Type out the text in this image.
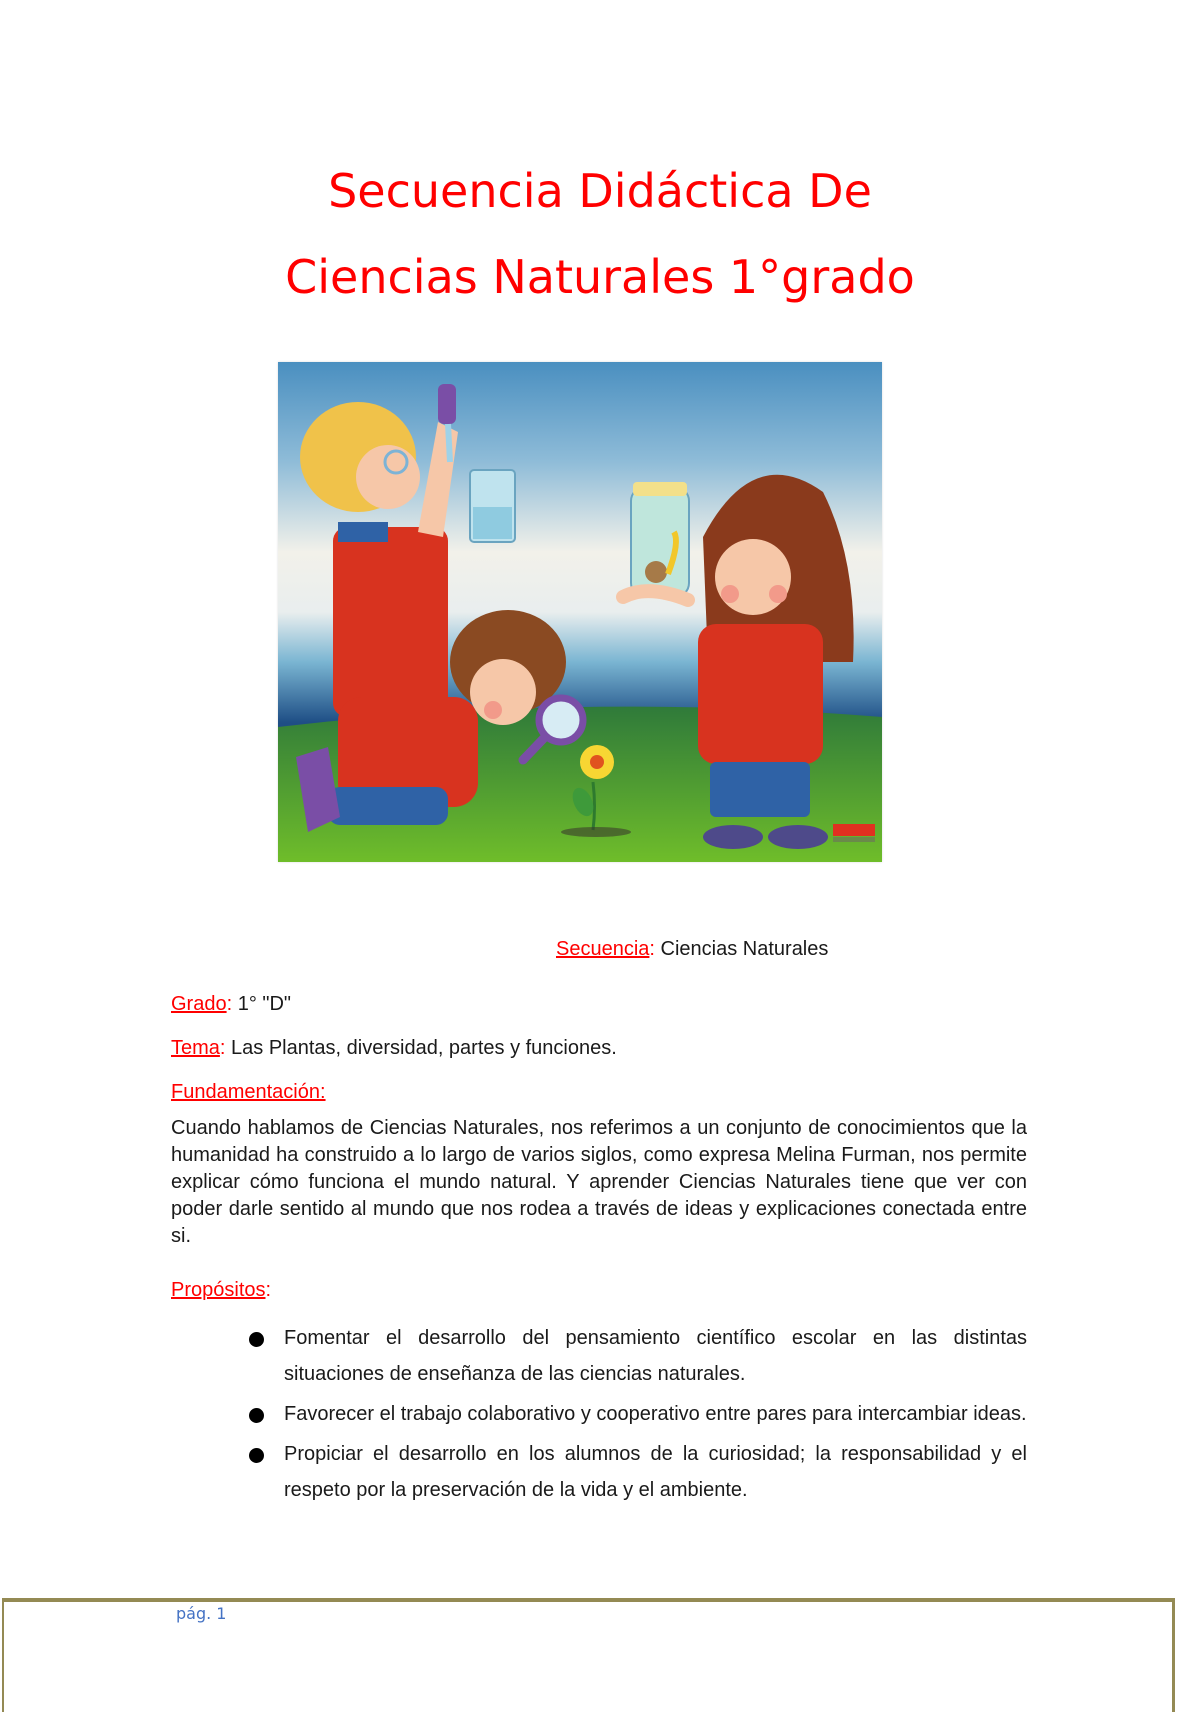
Secuencia Didáctica De
Ciencias Naturales 1°grado
Secuencia: Ciencias Naturales
Grado: 1° "D"
Tema: Las Plantas, diversidad, partes y funciones.
Fundamentación:

Cuando hablamos de Ciencias Naturales, nos referimos a un conjunto de conocimientos que la humanidad ha construido a lo largo de varios siglos, como expresa Melina Furman, nos permite explicar cómo funciona el mundo natural. Y aprender Ciencias Naturales tiene que ver con poder darle sentido al mundo que nos rodea a través de ideas y explicaciones conectada entre si.

Propósitos:
Fomentar el desarrollo del pensamiento científico escolar en las distintas situaciones de enseñanza de las ciencias naturales.
Favorecer el trabajo colaborativo y cooperativo entre pares para intercambiar ideas.
Propiciar el desarrollo en los alumnos de la curiosidad; la responsabilidad y el respeto por la preservación de la vida y el ambiente.
pág. 1
